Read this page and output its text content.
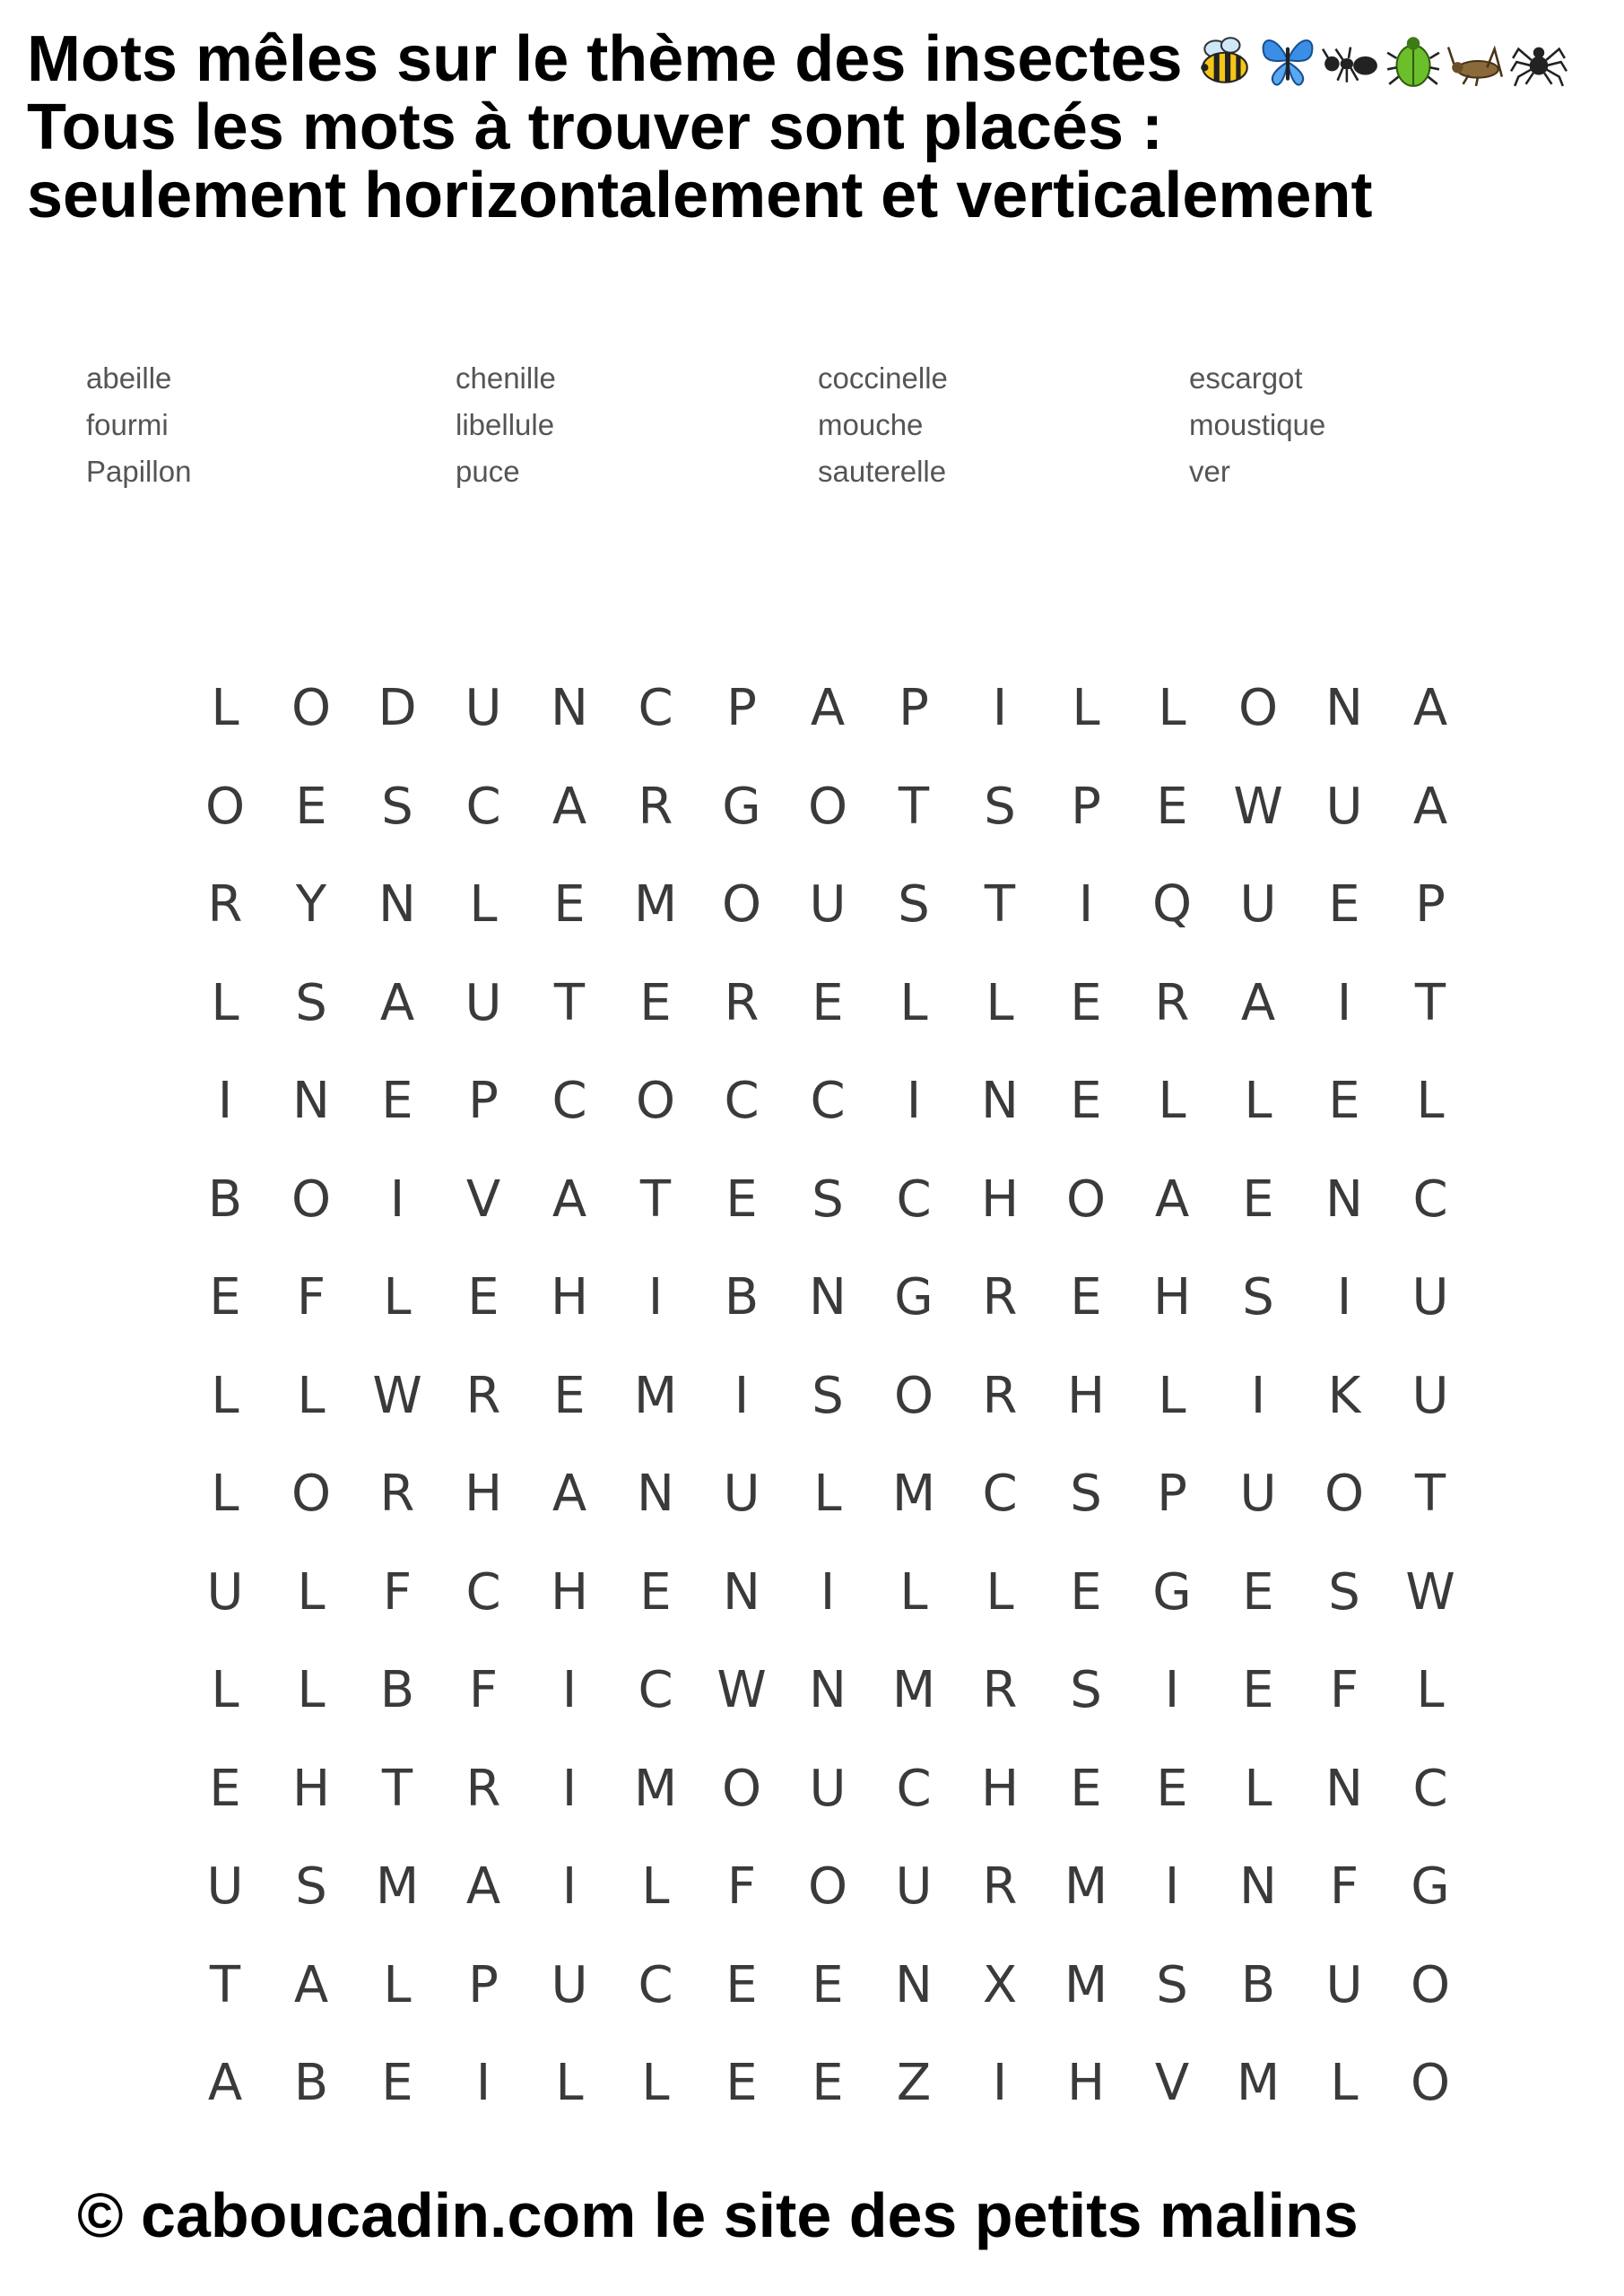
Mots mêles sur le thème des insectes
Tous les mots à trouver sont placés :
seulement horizontalement et verticalement
abeille	chenille	coccinelle	escargot
fourmi	libellule	mouche	moustique
Papillon	puce	sauterelle	ver
L	O D U N C	P	A	P	I	L	L	O N A
O	E	S	C	A	R G O	T	S	P	E W U	A
R	Y	N	L	E M O U	S	T	I	Q U	E	P
L	S	A	U	T	E	R	E	L	L	E	R	A	I	T
I	N	E	P	C O C	C	I	N	E	L	L	E	L
B O	I	V	A	T	E	S	C H O A	E	N C
E	F	L	E	H	I	B N G R	E	H	S	I	U
L	L W R	E M	I	S	O R H	L	I	K	U
L	O R H A N U	L	M C	S	P	U O	T
U	L	F	C H	E	N	I	L	L	E	G	E	S W
L	L	B	F	I	C W N M R	S	I	E	F	L
E	H	T	R	I	M O U C H	E	E	L	N C
U	S M A	I	L	F	O U	R M	I	N	F	G
T	A	L	P	U C	E	E	N X M S	B	U O
A	B	E	I	L	L	E	E	Z	I	H V M	L	O
© caboucadin.com le site des petits malins
